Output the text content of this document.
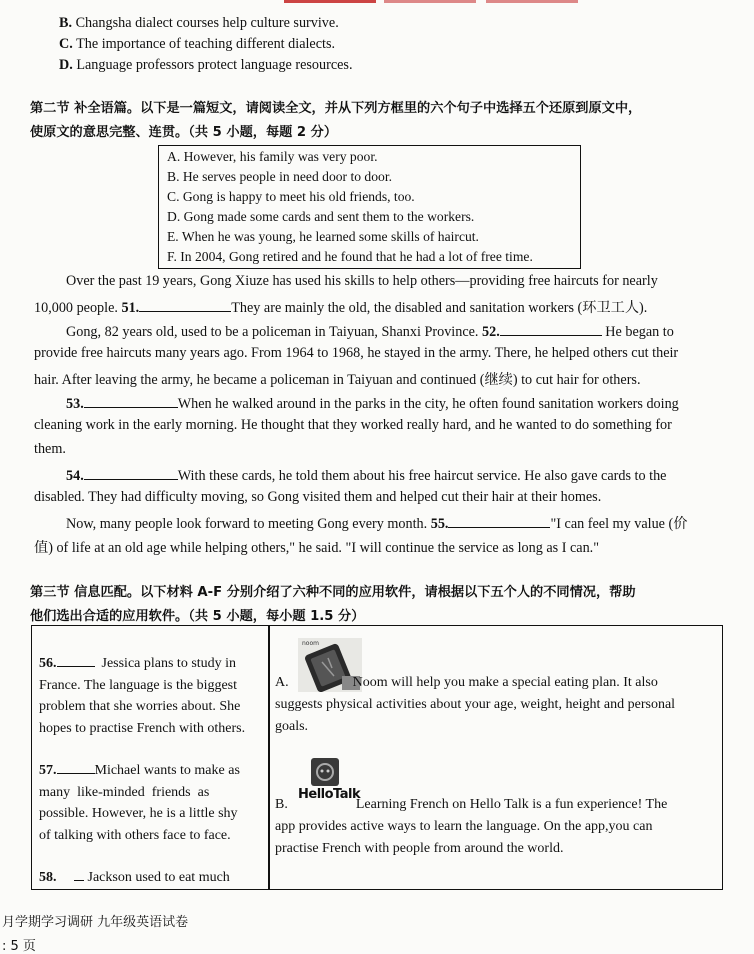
B. Changsha dialect courses help culture survive.
C. The importance of teaching different dialects.
D. Language professors protect language resources.
第二节 补全语篇。以下是一篇短文，请阅读全文，并从下列方框里的六个句子中选择五个还原到原文中，
使原文的意思完整、连贯。（共 5 小题，每题 2 分）
A. However, his family was very poor.
B. He serves people in need door to door.
C. Gong is happy to meet his old friends, too.
D. Gong made some cards and sent them to the workers.
E. When he was young, he learned some skills of haircut.
F. In 2004, Gong retired and he found that he had a lot of free time.
Over the past 19 years, Gong Xiuze has used his skills to help others—providing free haircuts for nearly
10,000 people. 51.	They are mainly the old, the disabled and sanitation workers (环卫工人).
Gong, 82 years old, used to be a policeman in Taiyuan, Shanxi Province. 52.	He began to
provide free haircuts many years ago. From 1964 to 1968, he stayed in the army. There, he helped others cut their
hair. After leaving the army, he became a policeman in Taiyuan and continued (继续) to cut hair for others.
53.	When he walked around in the parks in the city, he often found sanitation workers doing
cleaning work in the early morning. He thought that they worked really hard, and he wanted to do something for
them.
54.	With these cards, he told them about his free haircut service. He also gave cards to the
disabled. They had difficulty moving, so Gong visited them and helped cut their hair at their homes.
Now, many people look forward to meeting Gong every month. 55.	"I can feel my value (价
值) of life at an old age while helping others," he said. "I will continue the service as long as I can."
第三节 信息匹配。以下材料 A-F 分别介绍了六种不同的应用软件，请根据以下五个人的不同情况，帮助
他们选出合适的应用软件。（共 5 小题，每小题 1.5 分）
56.	Jessica plans to study in
France. The language is the biggest
problem that she worries about. She
hopes to practise French with others.
57.	Michael wants to make as
many  like-minded  friends  as
possible. However, he is a little shy
of talking with others face to face.
58. Jackson used to eat much
noom
A.	Noom will help you make a special eating plan. It also
suggests physical activities about your age, weight, height and personal
goals.
HelloTalk
B.	Learning French on Hello Talk is a fun experience! The
app provides active ways to learn the language. On the app,you can
practise French with people from around the world.
月学期学习调研 九年级英语试卷
: 5 页
